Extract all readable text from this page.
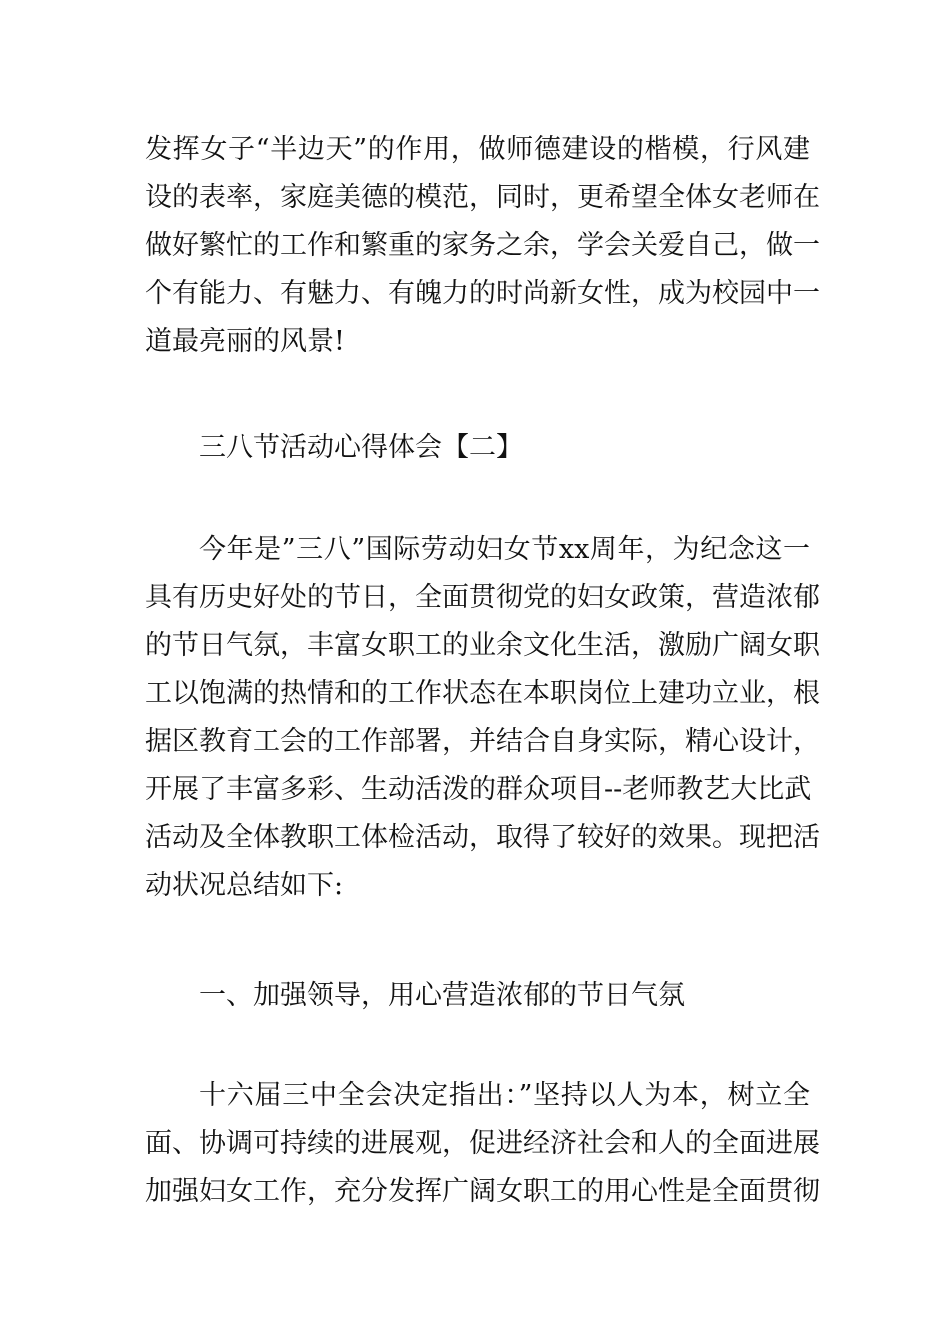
发挥女子“半边天”的作用，做师德建设的楷模，行风建
设的表率，家庭美德的模范，同时，更希望全体女老师在
做好繁忙的工作和繁重的家务之余，学会关爱自己，做一
个有能力、有魅力、有魄力的时尚新女性，成为校园中一
道最亮丽的风景!
三八节活动心得体会【二】
今年是”三八”国际劳动妇女节xx周年，为纪念这一
具有历史好处的节日，全面贯彻党的妇女政策，营造浓郁
的节日气氛，丰富女职工的业余文化生活，激励广阔女职
工以饱满的热情和的工作状态在本职岗位上建功立业，根
据区教育工会的工作部署，并结合自身实际，精心设计，
开展了丰富多彩、生动活泼的群众项目--老师教艺大比武
活动及全体教职工体检活动，取得了较好的效果。现把活
动状况总结如下:
一、加强领导，用心营造浓郁的节日气氛
十六届三中全会决定指出：”坚持以人为本，树立全
面、协调可持续的进展观，促进经济社会和人的全面进展
加强妇女工作，充分发挥广阔女职工的用心性是全面贯彻
